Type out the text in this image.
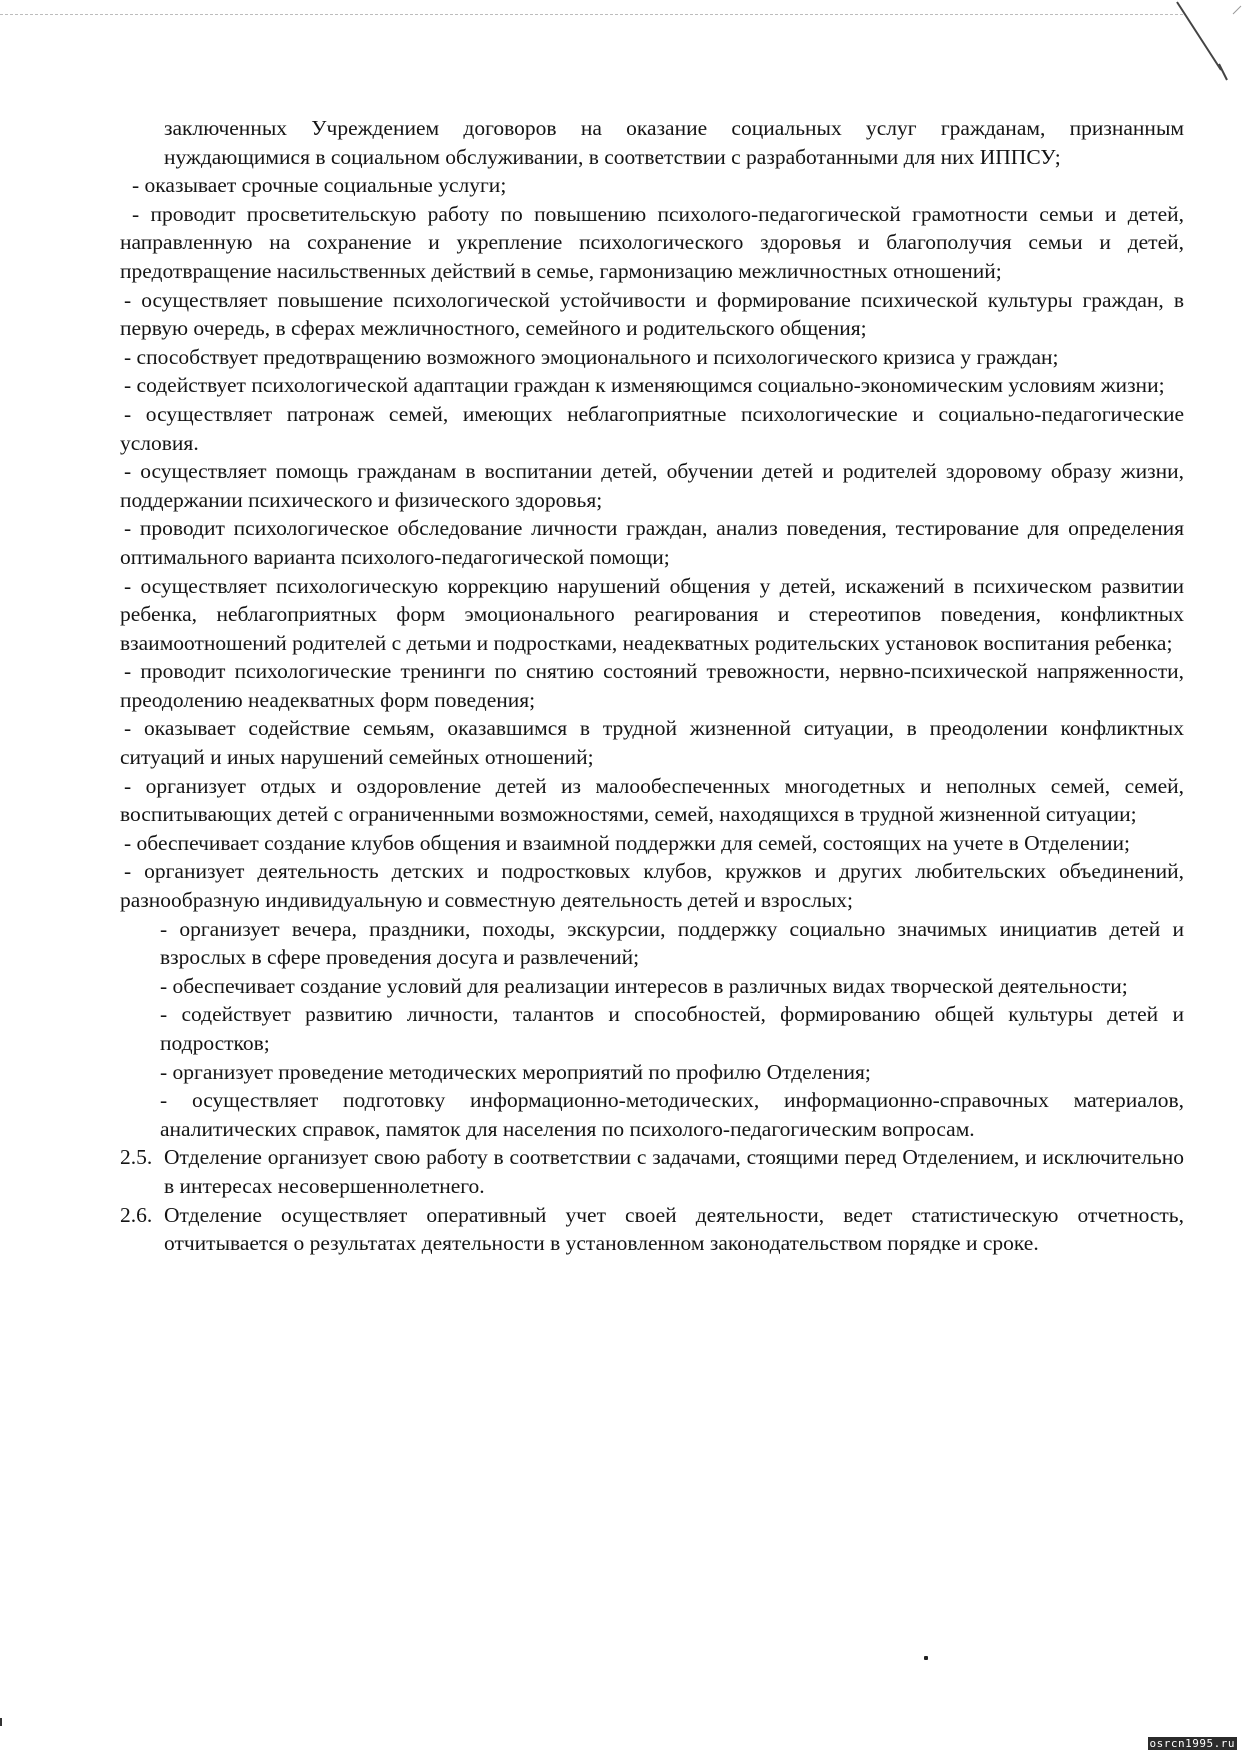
заключенных Учреждением договоров на оказание социальных услуг гражданам, признанным нуждающимися в социальном обслуживании, в соответствии с разработанными для них ИППСУ;

- оказывает срочные социальные услуги;

- проводит просветительскую работу по повышению психолого-педагогической грамотности семьи и детей, направленную на сохранение и укрепление психологического здоровья и благополучия семьи и детей, предотвращение насильственных действий в семье, гармонизацию межличностных отношений;

- осуществляет повышение психологической устойчивости и формирование психической культуры граждан, в первую очередь, в сферах межличностного, семейного и родительского общения;

- способствует предотвращению возможного эмоционального и психологического кризиса у граждан;

- содействует психологической адаптации граждан к изменяющимся социально-экономическим условиям жизни;

- осуществляет патронаж семей, имеющих неблагоприятные психологические и социально-педагогические условия.

- осуществляет помощь гражданам в воспитании детей, обучении детей и родителей здоровому образу жизни, поддержании психического и физического здоровья;

- проводит психологическое обследование личности граждан, анализ поведения, тестирование для определения оптимального варианта психолого-педагогической помощи;

- осуществляет психологическую коррекцию нарушений общения у детей, искажений в психическом развитии ребенка, неблагоприятных форм эмоционального реагирования и стереотипов поведения, конфликтных взаимоотношений родителей с детьми и подростками, неадекватных родительских установок воспитания ребенка;

- проводит психологические тренинги по снятию состояний тревожности, нервно-психической напряженности, преодолению неадекватных форм поведения;

- оказывает содействие семьям, оказавшимся в трудной жизненной ситуации, в преодолении конфликтных ситуаций и иных нарушений семейных отношений;

- организует отдых и оздоровление детей из малообеспеченных многодетных и неполных семей, семей, воспитывающих детей с ограниченными возможностями, семей, находящихся в трудной жизненной ситуации;

- обеспечивает создание клубов общения и взаимной поддержки для семей, состоящих на учете в Отделении;

- организует деятельность детских и подростковых клубов, кружков и других любительских объединений, разнообразную индивидуальную и совместную деятельность детей и взрослых;

- организует вечера, праздники, походы, экскурсии, поддержку социально значимых инициатив детей и взрослых в сфере проведения досуга и развлечений;

- обеспечивает создание условий для реализации интересов в различных видах творческой деятельности;

- содействует развитию личности, талантов и способностей, формированию общей культуры детей и подростков;

- организует проведение методических мероприятий по профилю Отделения;

- осуществляет подготовку информационно-методических, информационно-справочных материалов, аналитических справок, памяток для населения по психолого-педагогическим вопросам.

2.5. Отделение организует свою работу в соответствии с задачами, стоящими перед Отделением, и исключительно в интересах несовершеннолетнего.
2.6. Отделение осуществляет оперативный учет своей деятельности, ведет статистическую отчетность, отчитывается о результатах деятельности в установленном законодательством порядке и сроке.
osrcn1995.ru
